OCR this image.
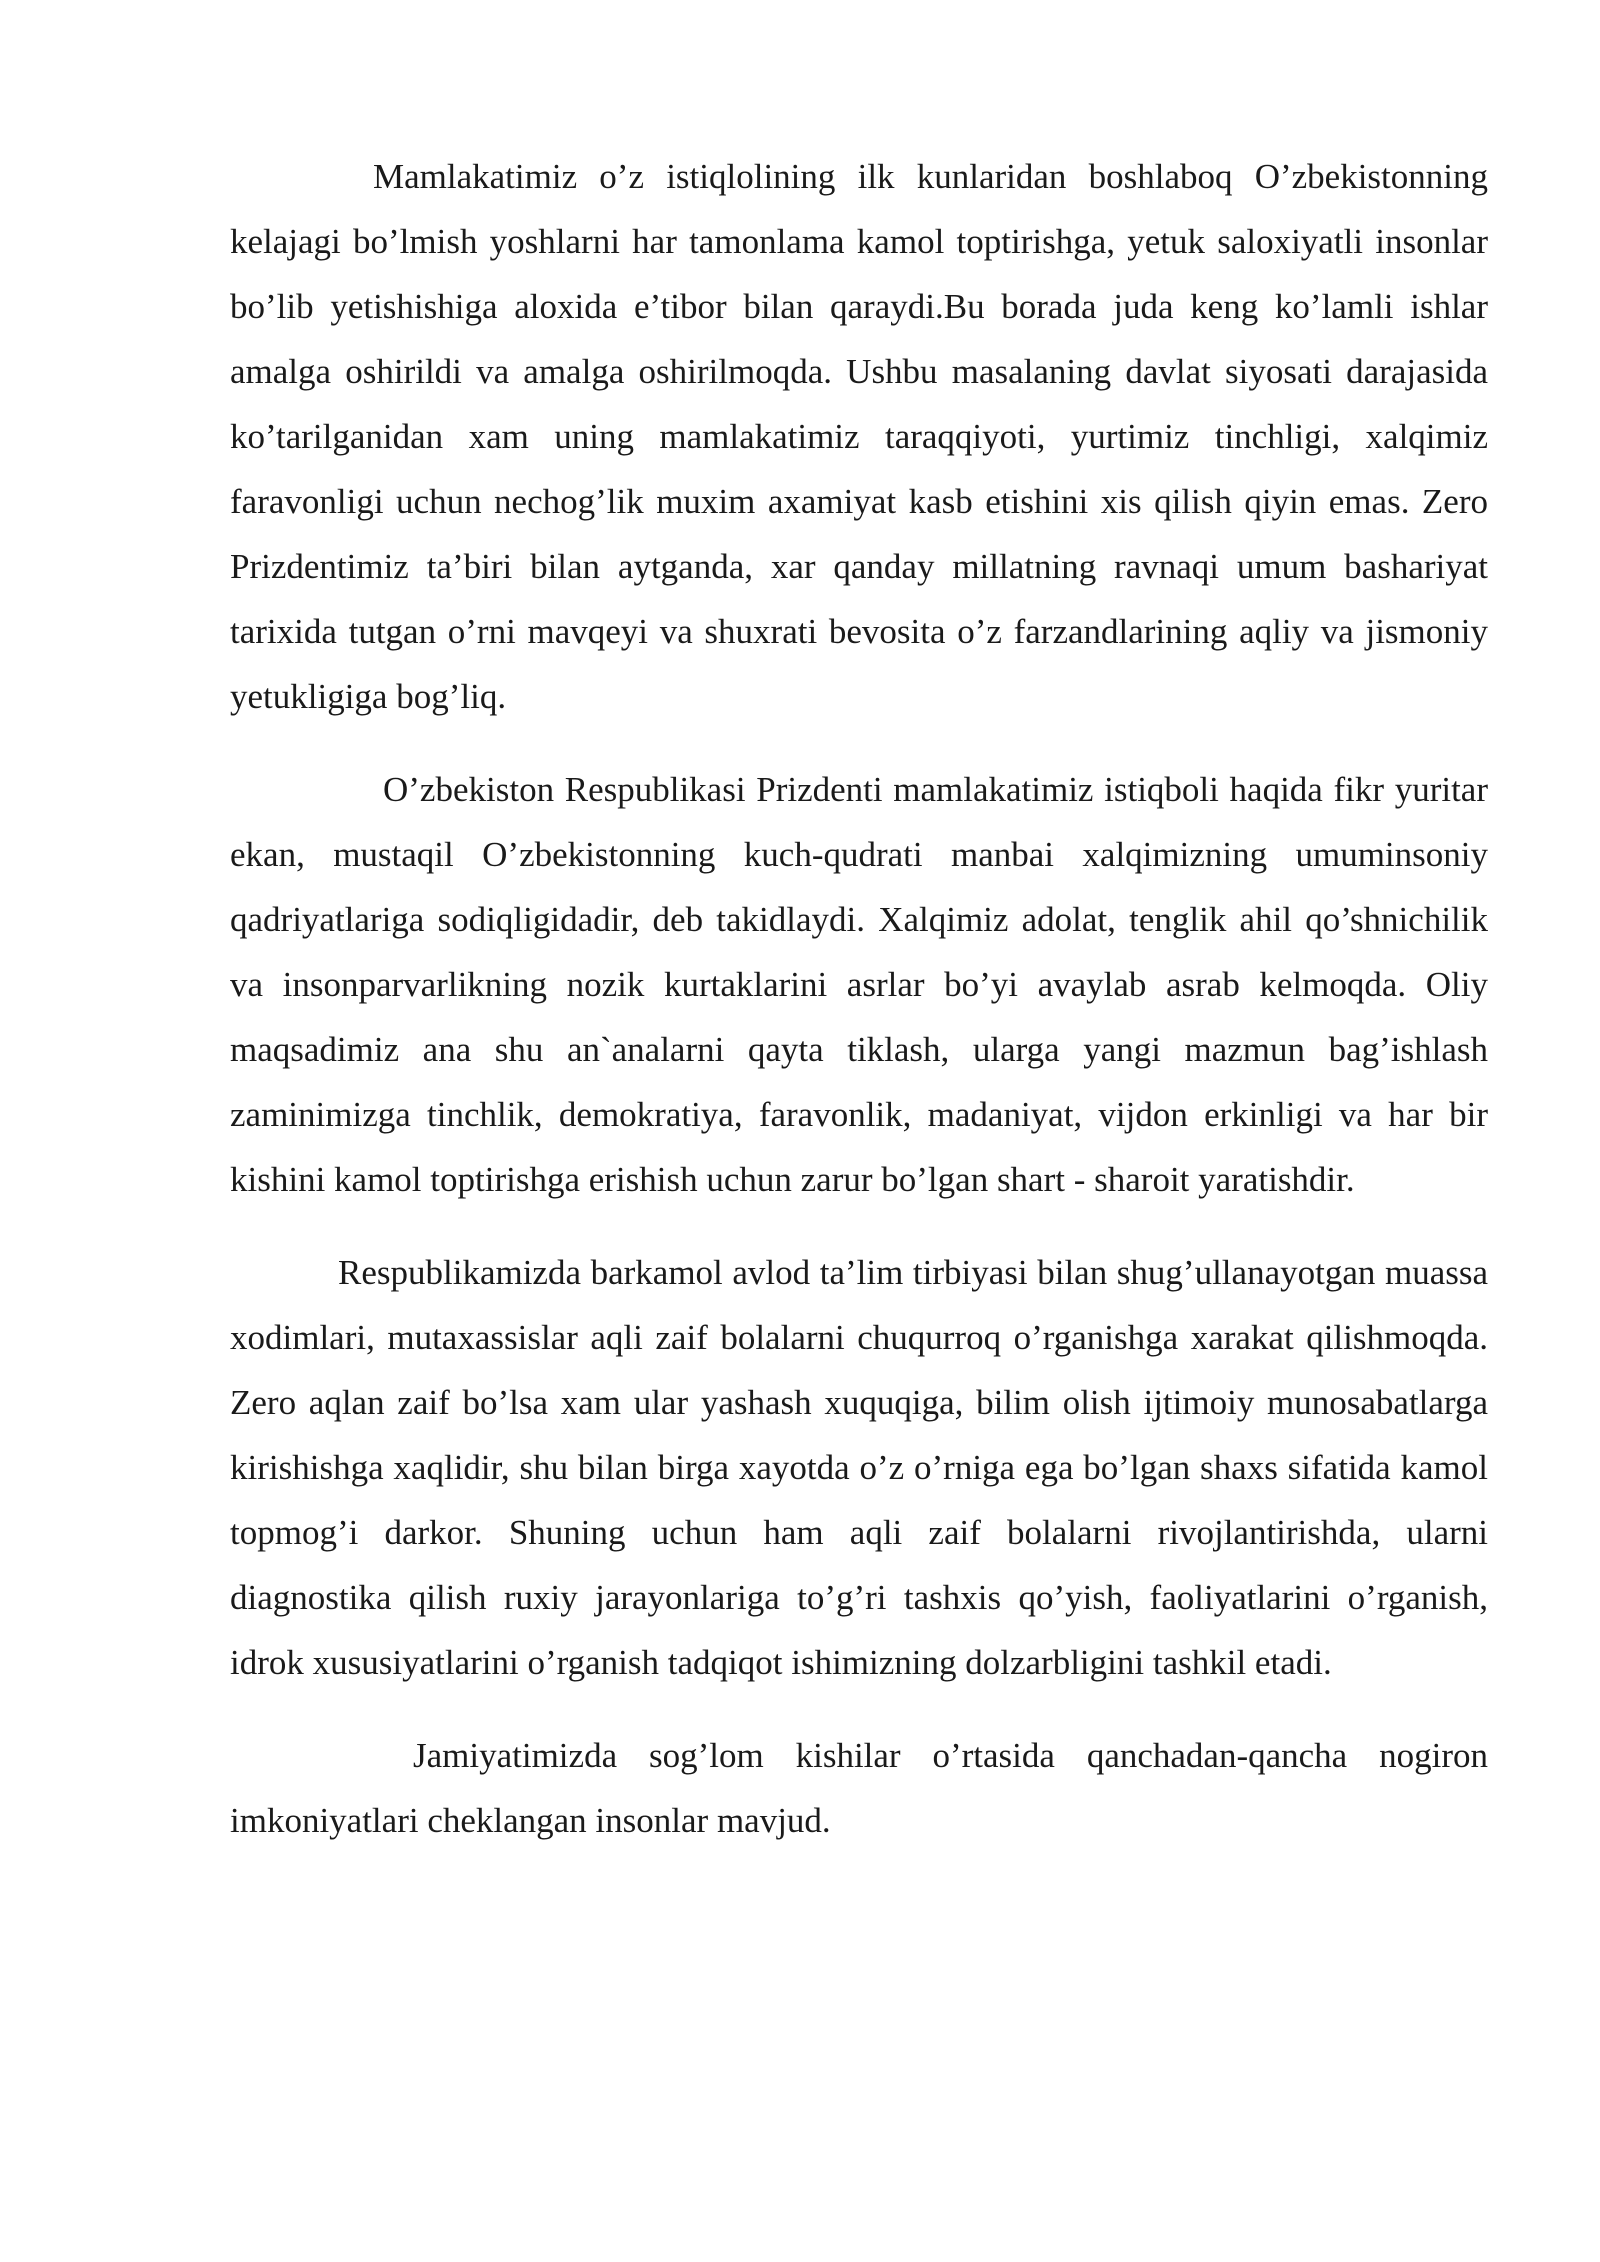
Mamlakatimiz o’z istiqlolining ilk kunlaridan boshlaboq O’zbekistonning kelajagi bo’lmish yoshlarni har tamonlama kamol toptirishga, yetuk saloxiyatli insonlar bo’lib yetishishiga aloxida e’tibor bilan qaraydi.Bu borada juda keng ko’lamli ishlar amalga oshirildi va amalga oshirilmoqda. Ushbu masalaning davlat siyosati darajasida ko’tarilganidan xam uning mamlakatimiz taraqqiyoti, yurtimiz tinchligi, xalqimiz faravonligi uchun nechog’lik muxim axamiyat kasb etishini xis qilish qiyin emas. Zero Prizdentimiz ta’biri bilan aytganda, xar qanday millatning ravnaqi umum bashariyat tarixida tutgan o’rni mavqeyi va shuxrati bevosita o’z farzandlarining aqliy va jismoniy yetukligiga bog’liq.

O’zbekiston Respublikasi Prizdenti mamlakatimiz istiqboli haqida fikr yuritar ekan, mustaqil O’zbekistonning kuch-qudrati manbai xalqimizning umuminsoniy qadriyatlariga sodiqligidadir, deb takidlaydi. Xalqimiz adolat, tenglik ahil qo’shnichilik va insonparvarlikning nozik kurtaklarini asrlar bo’yi avaylab asrab kelmoqda. Oliy maqsadimiz ana shu an`analarni qayta tiklash, ularga yangi mazmun bag’ishlash zaminimizga tinchlik, demokratiya, faravonlik, madaniyat, vijdon erkinligi va har bir kishini kamol toptirishga erishish uchun zarur bo’lgan shart - sharoit yaratishdir.

Respublikamizda barkamol avlod ta’lim tirbiyasi bilan shug’ullanayotgan muassa xodimlari, mutaxassislar aqli zaif bolalarni chuqurroq o’rganishga xarakat qilishmoqda. Zero aqlan zaif bo’lsa xam ular yashash xuquqiga, bilim olish ijtimoiy munosabatlarga kirishishga xaqlidir, shu bilan birga xayotda o’z o’rniga ega bo’lgan shaxs sifatida kamol topmog’i darkor. Shuning uchun ham aqli zaif bolalarni rivojlantirishda, ularni diagnostika qilish ruxiy jarayonlariga to’g’ri tashxis qo’yish, faoliyatlarini o’rganish, idrok xususiyatlarini o’rganish tadqiqot ishimizning dolzarbligini tashkil etadi.

Jamiyatimizda sog’lom kishilar o’rtasida qanchadan-qancha nogiron imkoniyatlari cheklangan insonlar mavjud.
